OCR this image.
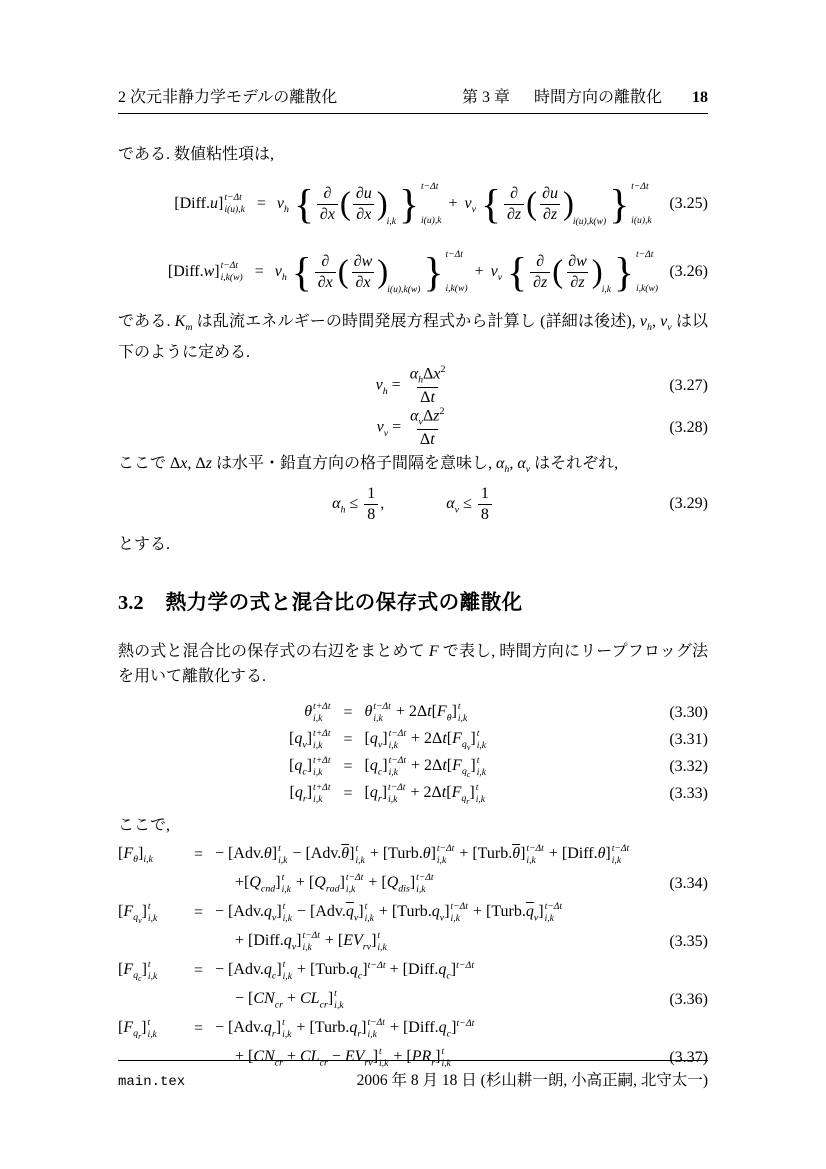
2 次元非静力学モデルの離散化	第 3 章 時間方向の離散化 18

である. 数値粘性項は,

[Diff.u] t−Δt
$i(u),k = \nu_h$ { ∂
∂x ( $\frac{\partial u}{\partial x} )_{i,k}$} t−Δt
i(u),k
+ $\nu_v$ { ∂
∂z ( $\frac{\partial u}{\partial z} )_{i(u),k(w)}$} t−Δt
i(u),k
(3.25)
[Diff.w] t−Δt
$i,k(w) = \nu_h$ { ∂
∂x ( $\frac{\partial w}{\partial x} )_{i(u),k(w)}$} t−Δt
i,k(w)
+ $\nu_v$ { ∂
∂z ( $\frac{\partial w}{\partial z} )_{i,k}$} t−Δt
i,k(w)
(3.26)

である. $K_m$ は乱流エネルギーの時間発展方程式から計算し (詳細は後述), $\nu_h$, $\nu_v$ は以下のように定める.

$\nu_h$ =
$\alpha_h\Delta x^2$
Δt
(3.27)
$\nu_v$ =
$\alpha_v\Delta z^2$
Δt
(3.28)

ここで Δx, Δz は水平・鉛直方向の格子間隔を意味し, $\alpha_h$, $\alpha_v$ はそれぞれ,

$\alpha_h \le \frac{1}{8}$ ,	$\alpha_v \le \frac{1}{8}$	(3.29)

とする.

3.2 熱力学の式と混合比の保存式の離散化

熱の式と混合比の保存式の右辺をまとめて F で表し, 時間方向にリープフロッグ法を用いて離散化する.

θ t+Δt
i,k	= θ t−Δt
$i,k + 2\Delta t[F_\theta]$ t
i,k	(3.30)
$[q_v]$ t+Δt
i,k	= $[q_v]$ t−Δt
$i,k + 2\Delta t[F_{q_v}]$ t
i,k	(3.31)
$[q_c]$ t+Δt
i,k	= $[q_c]$ t−Δt
$i,k + 2\Delta t[F_{q_c}]$ t
i,k	(3.32)
$[q_r]$ t+Δt
i,k	= $[q_r]$ t−Δt
$i,k + 2\Delta t[F_{q_r}]$ t
i,k	(3.33)

ここで,

$[F_\theta]_{i,k}$	= − [Adv.θ] t
$i,k - [Adv.\overline{\theta}]$ t
i,k + [Turb.θ] t−Δt
$i,k + [Turb.\overline{\theta}]$ t−Δt
i,k + [Diff.θ] t−Δt
i,k
$+[Q_{cnd}]$ t
$i,k + [Q_{rad}]$ t−Δt
$i,k + [Q_{dis}]$ t−Δt
i,k	(3.34)
$[F_{q_v}]$ t
i,k	= − $[Adv.q_v]$ t
$i,k - [Adv.\overline{q}_v]$ t
$i,k + [Turb.q_v]$ t−Δt
$i,k + [Turb.\overline{q}_v]$ t−Δt
i,k
+ $[Diff.q_v]$ t−Δt
$i,k + [EV_{rv}]$ t
i,k	(3.35)
$[F_{q_c}]$ t
i,k	= − $[Adv.q_c]$ t
$i,k + [Turb.q_c]^{t-\Delta t}$ + $[Diff.q_c]^{t-\Delta t}$
− $[CN_{cr} + CL_{cr}]$ t
i,k	(3.36)
$[F_{q_r}]$ t
i,k	= − $[Adv.q_r]$ t
$i,k + [Turb.q_r]$ t−Δt
$i,k + [Diff.q_c]^{t-\Delta t}$
+ $[CN_{cr} + CL_{cr} - EV_{rv}]$ t
$i,k + [PR_r]$ t
i,k	(3.37)
main.tex	2006 年 8 月 18 日 (杉山耕一朗, 小高正嗣, 北守太一)
